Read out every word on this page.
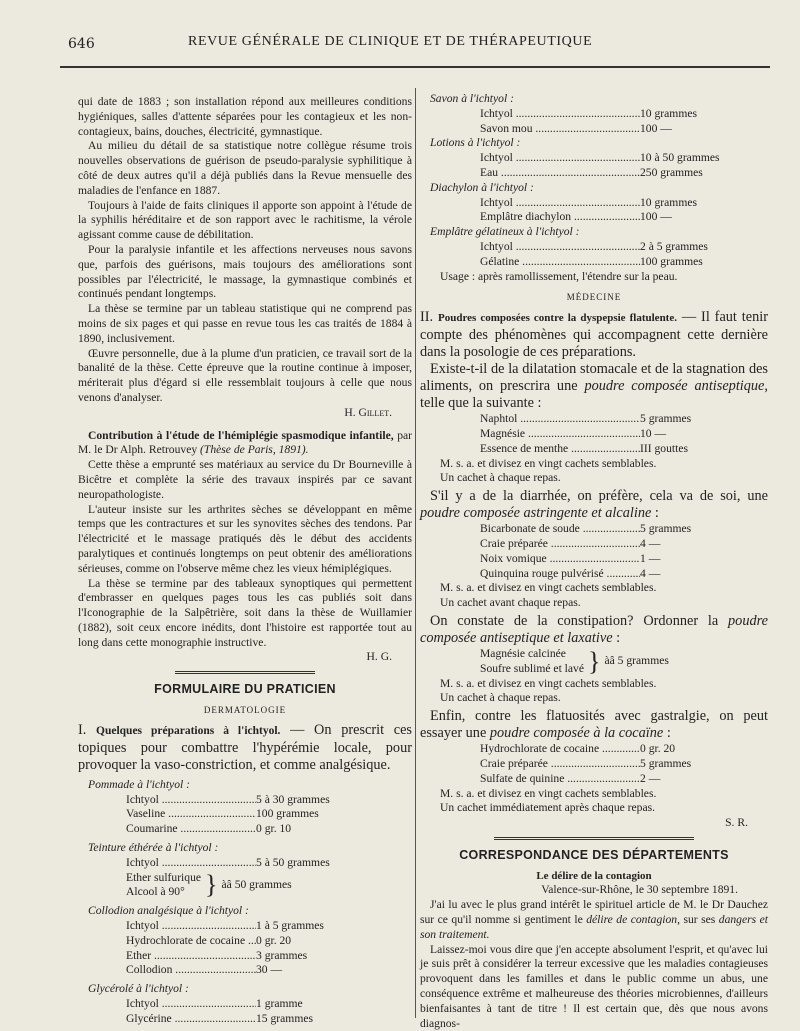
646	REVUE GÉNÉRALE DE CLINIQUE ET DE THÉRAPEUTIQUE

qui date de 1883 ; son installation répond aux meilleures conditions hygiéniques, salles d'attente séparées pour les contagieux et les non-contagieux, bains, douches, électricité, gymnastique.

Au milieu du détail de sa statistique notre collègue résume trois nouvelles observations de guérison de pseudo-paralysie syphilitique à côté de deux autres qu'il a déjà publiés dans la Revue mensuelle des maladies de l'enfance en 1887.

Toujours à l'aide de faits cliniques il apporte son appoint à l'étude de la syphilis héréditaire et de son rapport avec le rachitisme, la vérole agissant comme cause de débilitation.

Pour la paralysie infantile et les affections nerveuses nous savons que, parfois des guérisons, mais toujours des améliorations sont possibles par l'électricité, le massage, la gymnastique combinés et continués pendant longtemps.

La thèse se termine par un tableau statistique qui ne comprend pas moins de six pages et qui passe en revue tous les cas traités de 1884 à 1890, inclusivement.

Œuvre personnelle, due à la plume d'un praticien, ce travail sort de la banalité de la thèse. Cette épreuve que la routine continue à imposer, mériterait plus d'égard si elle ressemblait toujours à celle que nous venons d'analyser.

H. Gillet.

Contribution à l'étude de l'hémiplégie spasmodique infantile, par M. le Dr Alph. Retrouvey (Thèse de Paris, 1891).

Cette thèse a emprunté ses matériaux au service du Dr Bourneville à Bicêtre et complète la série des travaux inspirés par ce savant neuropathologiste.

L'auteur insiste sur les arthrites sèches se développant en même temps que les contractures et sur les synovites sèches des tendons. Par l'électricité et le massage pratiqués dès le début des accidents paralytiques et continués longtemps on peut obtenir des améliorations sérieuses, comme on l'observe même chez les vieux hémiplégiques.

La thèse se termine par des tableaux synoptiques qui permettent d'embrasser en quelques pages tous les cas publiés soit dans l'Iconographie de la Salpêtrière, soit dans la thèse de Wuillamier (1882), soit ceux encore inédits, dont l'histoire est rapportée tout au long dans cette monographie instructive.

H. G.

FORMULAIRE DU PRATICIEN
DERMATOLOGIE

I. Quelques préparations à l'ichtyol. — On prescrit ces topiques pour combattre l'hypérémie locale, pour provoquer la vaso-constriction, et comme analgésique.

Pommade à l'ichtyol :
Ichtyol .....	5 à 30 grammes
Vaseline .....	100 grammes
Coumarine .....	0 gr. 10
Teinture éthérée à l'ichtyol :
Ichtyol .....	5 à 50 grammes
Ether sulfurique
Alcool à 90° } àâ 50 grammes
Collodion analgésique à l'ichtyol :
Ichtyol .....	1 à 5 grammes
Hydrochlorate de cocaine ..... 0 gr. 20
Ether .....	3 grammes
Collodion .....	30 —
Glycérolé à l'ichtyol :
Ichtyol .....	1 gramme
Glycérine .....	15 grammes
Savon à l'ichtyol :
Ichtyol .....	10 grammes
Savon mou .....	100 —
Lotions à l'ichtyol :
Ichtyol .....	10 à 50 grammes
Eau .....	250 grammes
Diachylon à l'ichtyol :
Ichtyol .....	10 grammes
Emplâtre diachylon .....	100 —
Emplâtre gélatineux à l'ichtyol :
Ichtyol .....	2 à 5 grammes
Gélatine .....	100 grammes

Usage : après ramollissement, l'étendre sur la peau.

MÉDECINE

II. Poudres composées contre la dyspepsie flatulente. — Il faut tenir compte des phénomènes qui accompagnent cette dernière dans la posologie de ces préparations.

Existe-t-il de la dilatation stomacale et de la stagnation des aliments, on prescrira une poudre composée antiseptique, telle que la suivante :

Naphtol .....	5 grammes
Magnésie .....	10 —
Essence de menthe .....	III gouttes

M. s. a. et divisez en vingt cachets semblables.

Un cachet à chaque repas.

S'il y a de la diarrhée, on préfère, cela va de soi, une poudre composée astringente et alcaline :

Bicarbonate de soude .....	5 grammes
Craie préparée .....	4 —
Noix vomique .....	1 —
Quinquina rouge pulvérisé .....	4 —

M. s. a. et divisez en vingt cachets semblables.

Un cachet avant chaque repas.

On constate de la constipation? Ordonner la poudre composée antiseptique et laxative :

Magnésie calcinée
Soufre sublimé et lavé } àâ 5 grammes

M. s. a. et divisez en vingt cachets semblables.

Un cachet à chaque repas.

Enfin, contre les flatuosités avec gastralgie, on peut essayer une poudre composée à la cocaïne :

Hydrochlorate de cocaine .....	0 gr. 20
Craie préparée .....	5 grammes
Sulfate de quinine .....	2 —

M. s. a. et divisez en vingt cachets semblables.

Un cachet immédiatement après chaque repas.

S. R.

CORRESPONDANCE DES DÉPARTEMENTS
Le délire de la contagion
Valence-sur-Rhône, le 30 septembre 1891.

J'ai lu avec le plus grand intérêt le spirituel article de M. le Dr Dauchez sur ce qu'il nomme si gentiment le délire de contagion, sur ses dangers et son traitement.

Laissez-moi vous dire que j'en accepte absolument l'esprit, et qu'avec lui je suis prêt à considérer la terreur excessive que les maladies contagieuses provoquent dans les familles et dans le public comme un abus, une conséquence extrême et malheureuse des théories microbiennes, d'ailleurs bienfaisantes à tant de titre ! Il est certain que, dès que nous avons diagnos-
